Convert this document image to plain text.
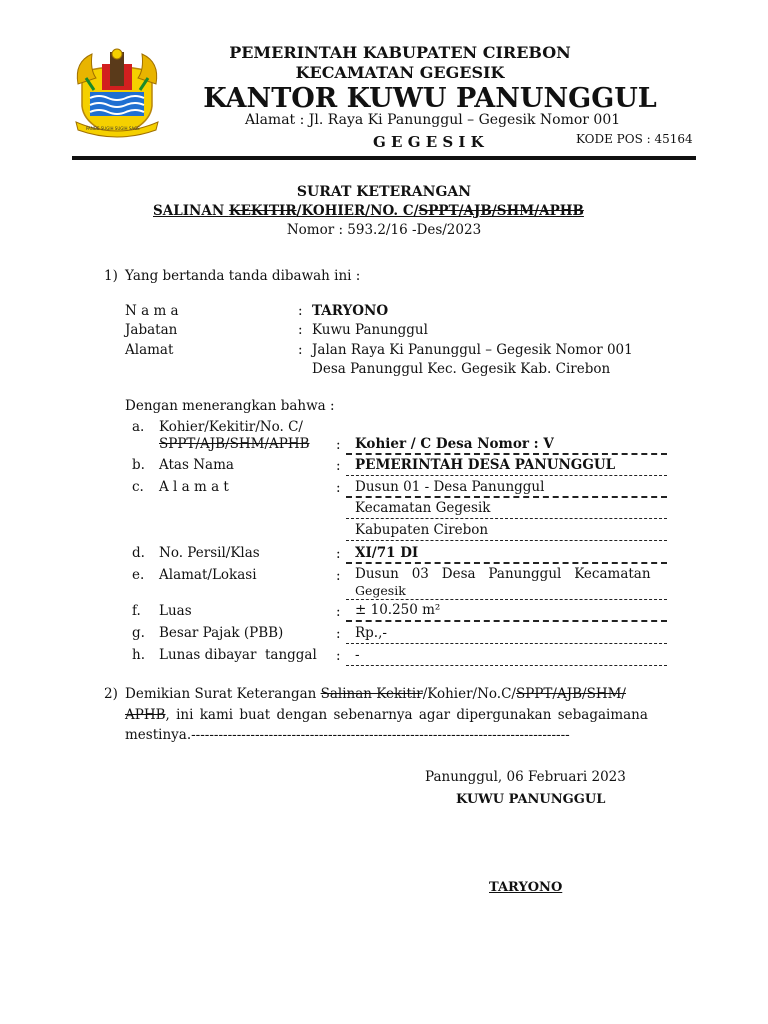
PANDE SUGIH SUGIH SAGE
PEMERINTAH KABUPATEN CIREBON
KECAMATAN GEGESIK
KANTOR KUWU PANUNGGUL
Alamat : Jl. Raya Ki Panunggul – Gegesik Nomor 001
G E G E S I K	KODE POS : 45164
SURAT KETERANGAN
SALINAN KEKITIR/KOHIER/NO. C/SPPT/AJB/SHM/APHB
Nomor : 593.2/16 -Des/2023
1) Yang bertanda tanda dibawah ini :
N a m a	: TARYONO
Jabatan	: Kuwu Panunggul
Alamat	: Jalan Raya Ki Panunggul – Gegesik Nomor 001
Desa Panunggul Kec. Gegesik Kab. Cirebon
Dengan menerangkan bahwa :
a. Kohier/Kekitir/No. C/
SPPT/AJB/SHM/APHB : Kohier / C Desa Nomor : V
b. Atas Nama	: PEMERINTAH DESA PANUNGGUL
c. A l a m a t	: Dusun 01 - Desa Panunggul
Kecamatan Gegesik
Kabupaten Cirebon
d. No. Persil/Klas	: XI/71 DI
e. Alamat/Lokasi	: Dusun   03   Desa   Panunggul   Kecamatan
Gegesik
f. Luas	: ± 10.250 m²
g. Besar Pajak (PBB)	: Rp.,-
h. Lunas dibayar  tanggal : -
2) Demikian Surat Keterangan Salinan Kekitir/Kohier/No.C/SPPT/AJB/SHM/
APHB, ini kami buat dengan sebenarnya agar dipergunakan sebagaimana
mestinya.-----------------------------------------------------------------------------------
Panunggul, 06 Februari 2023
KUWU PANUNGGUL
TARYONO
